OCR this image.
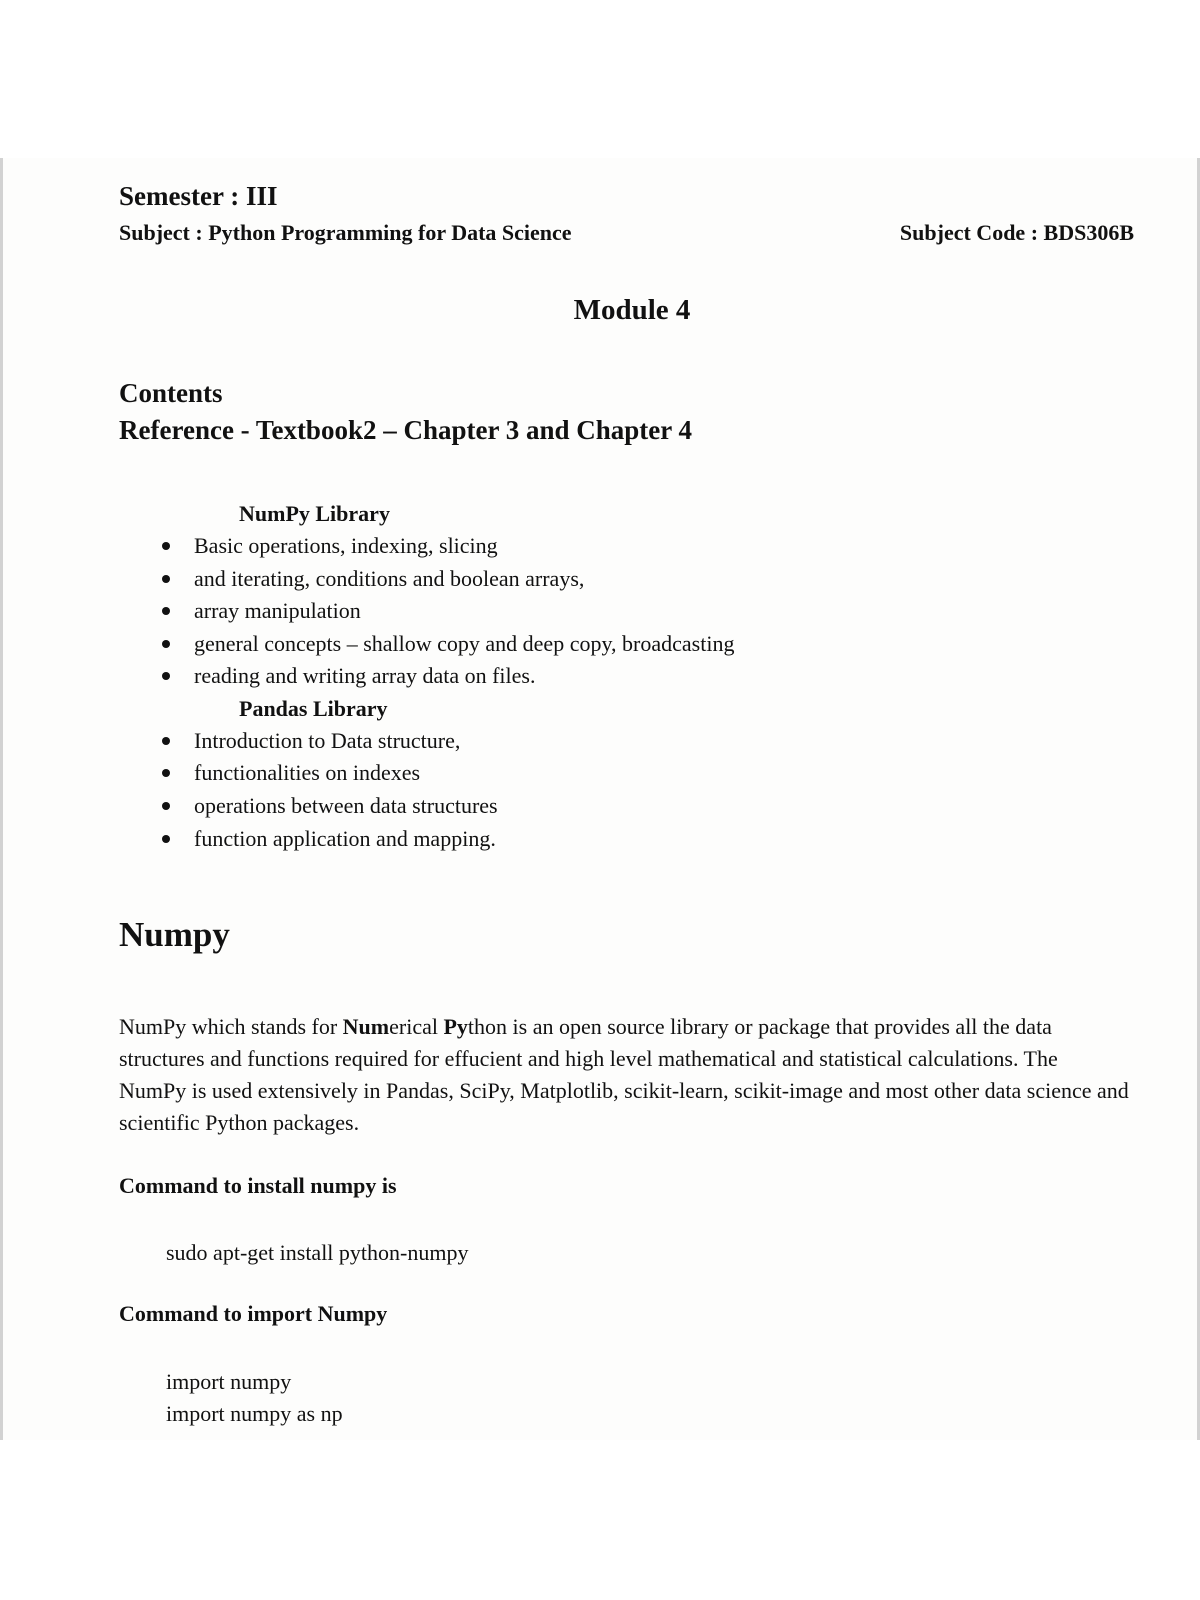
Semester : III
Subject : Python Programming for Data Science	Subject Code : BDS306B
Module 4
Contents
Reference - Textbook2 – Chapter 3 and Chapter 4
NumPy Library
Basic operations, indexing, slicing
and iterating, conditions and boolean arrays,
array manipulation
general concepts – shallow copy and deep copy, broadcasting
reading and writing array data on files.
Pandas Library
Introduction to Data structure,
functionalities on indexes
operations between data structures
function application and mapping.
Numpy
NumPy which stands for Numerical Python is an open source library or package that provides all the data structures and functions required for effucient and high level mathematical and statistical calculations. The NumPy is used extensively in Pandas, SciPy, Matplotlib, scikit-learn, scikit-image and most other data science and scientific Python packages.
Command to install numpy is
sudo apt-get install python-numpy
Command to import Numpy
import numpy
import numpy as np
